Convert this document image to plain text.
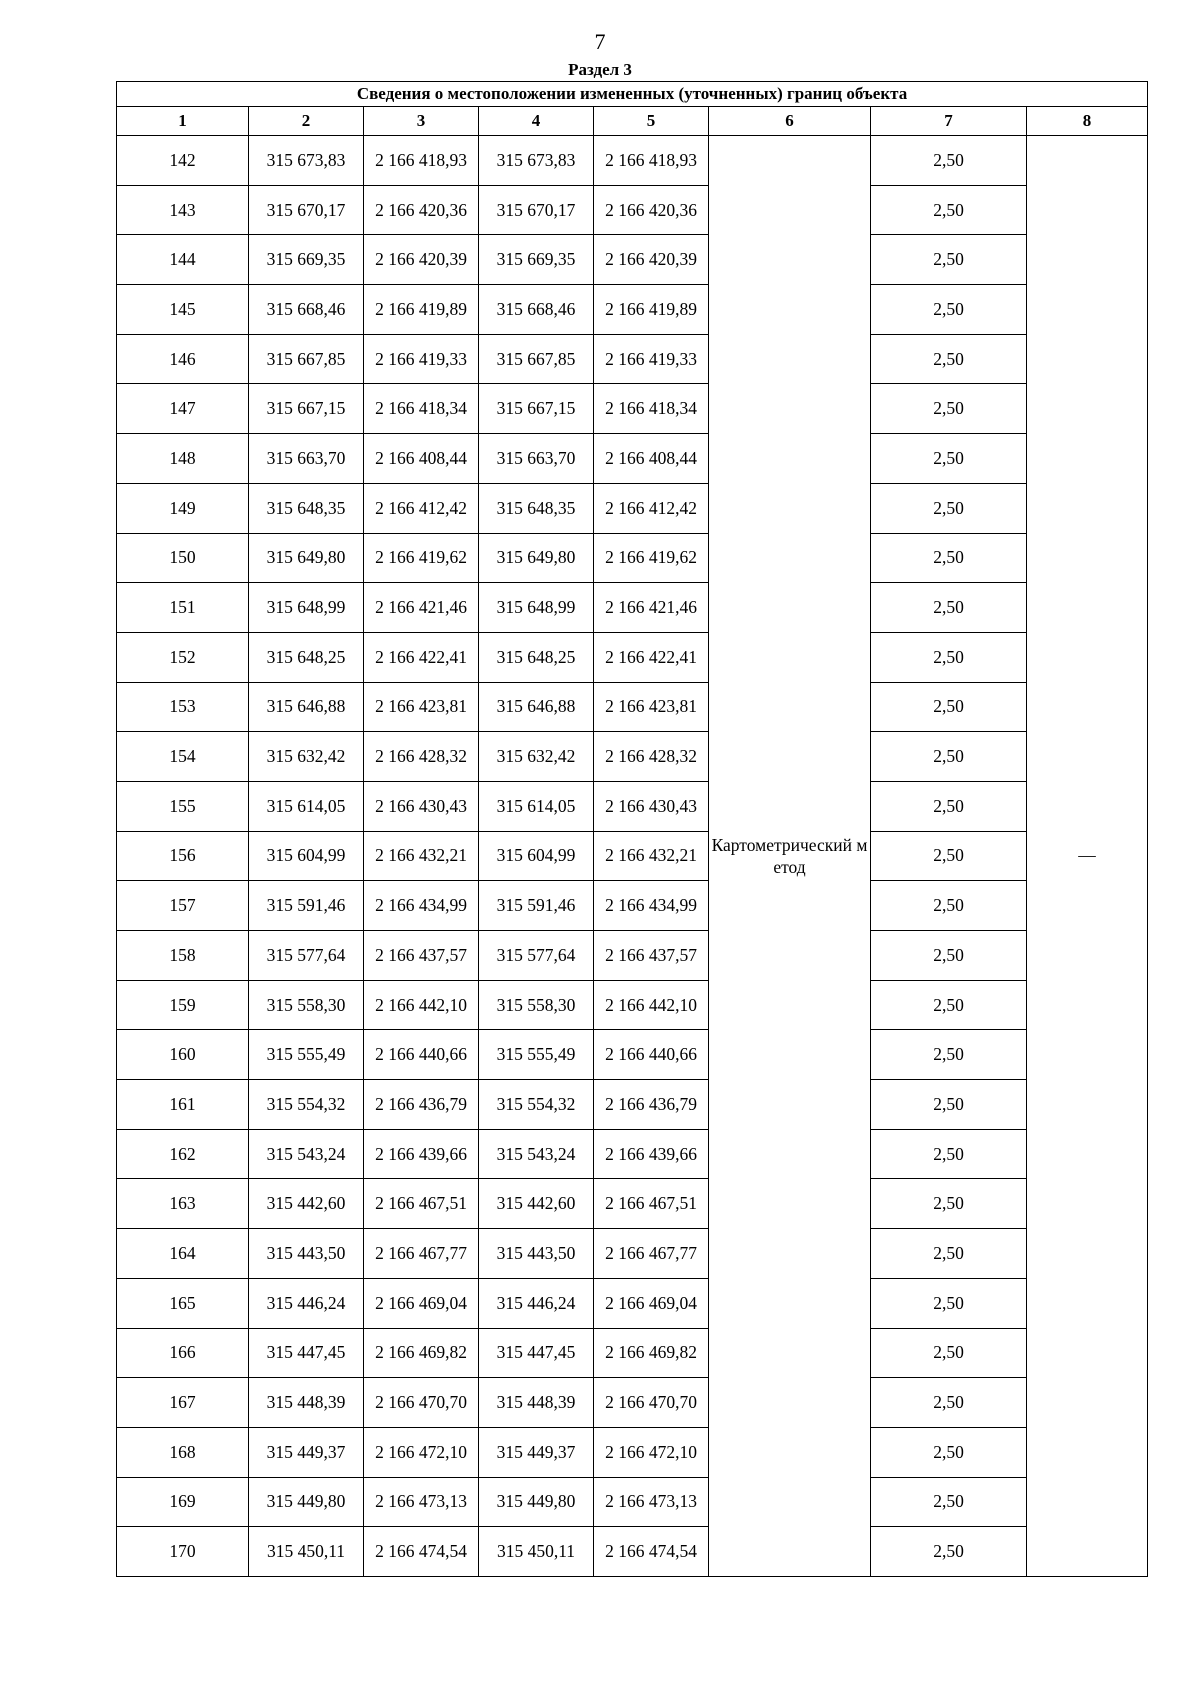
7
Раздел 3
Сведения о местоположении измененных (уточненных) границ объекта							
1	2	3	4	5	6	7	8
142	315 673,83	2 166 418,93	315 673,83	2 166 418,93	Картометрический метод	2,50	—
143	315 670,17	2 166 420,36	315 670,17	2 166 420,36		2,50	
144	315 669,35	2 166 420,39	315 669,35	2 166 420,39		2,50	
145	315 668,46	2 166 419,89	315 668,46	2 166 419,89		2,50	
146	315 667,85	2 166 419,33	315 667,85	2 166 419,33		2,50	
147	315 667,15	2 166 418,34	315 667,15	2 166 418,34		2,50	
148	315 663,70	2 166 408,44	315 663,70	2 166 408,44		2,50	
149	315 648,35	2 166 412,42	315 648,35	2 166 412,42		2,50	
150	315 649,80	2 166 419,62	315 649,80	2 166 419,62		2,50	
151	315 648,99	2 166 421,46	315 648,99	2 166 421,46		2,50	
152	315 648,25	2 166 422,41	315 648,25	2 166 422,41		2,50	
153	315 646,88	2 166 423,81	315 646,88	2 166 423,81		2,50	
154	315 632,42	2 166 428,32	315 632,42	2 166 428,32		2,50	
155	315 614,05	2 166 430,43	315 614,05	2 166 430,43		2,50	
156	315 604,99	2 166 432,21	315 604,99	2 166 432,21		2,50	
157	315 591,46	2 166 434,99	315 591,46	2 166 434,99		2,50	
158	315 577,64	2 166 437,57	315 577,64	2 166 437,57		2,50	
159	315 558,30	2 166 442,10	315 558,30	2 166 442,10		2,50	
160	315 555,49	2 166 440,66	315 555,49	2 166 440,66		2,50	
161	315 554,32	2 166 436,79	315 554,32	2 166 436,79		2,50	
162	315 543,24	2 166 439,66	315 543,24	2 166 439,66		2,50	
163	315 442,60	2 166 467,51	315 442,60	2 166 467,51		2,50	
164	315 443,50	2 166 467,77	315 443,50	2 166 467,77		2,50	
165	315 446,24	2 166 469,04	315 446,24	2 166 469,04		2,50	
166	315 447,45	2 166 469,82	315 447,45	2 166 469,82		2,50	
167	315 448,39	2 166 470,70	315 448,39	2 166 470,70		2,50	
168	315 449,37	2 166 472,10	315 449,37	2 166 472,10		2,50	
169	315 449,80	2 166 473,13	315 449,80	2 166 473,13		2,50	
170	315 450,11	2 166 474,54	315 450,11	2 166 474,54		2,50	
